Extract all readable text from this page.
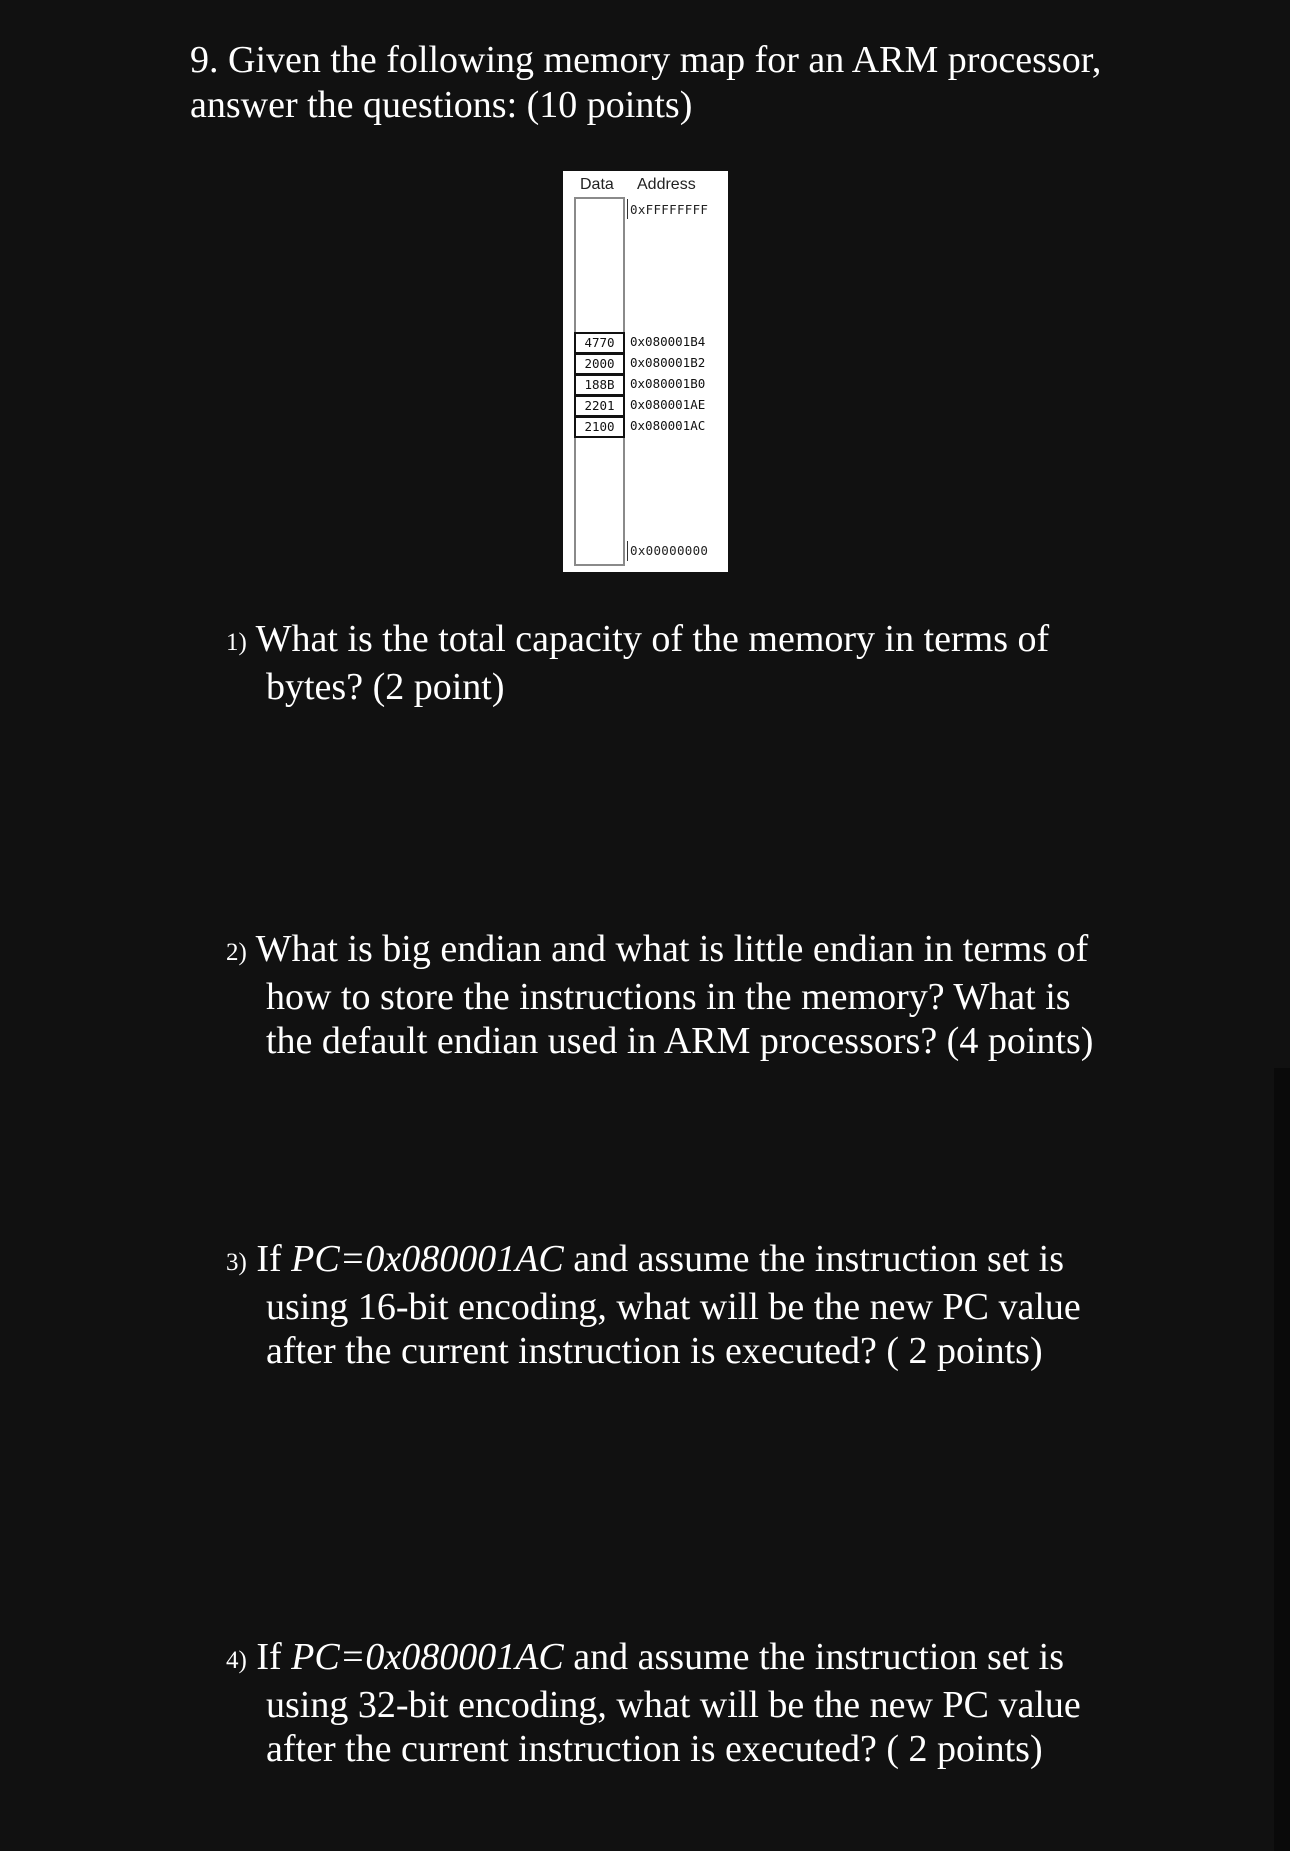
9. Given the following memory map for an ARM processor,
answer the questions: (10 points)
Data Address
0xFFFFFFFF
4770	0x080001B4
2000	0x080001B2
188B	0x080001B0
2201	0x080001AE
2100	0x080001AC
0x00000000
1) What is the total capacity of the memory in terms of
bytes? (2 point)
2) What is big endian and what is little endian in terms of
how to store the instructions in the memory? What is
the default endian used in ARM processors? (4 points)
3) If PC=0x080001AC and assume the instruction set is
using 16-bit encoding, what will be the new PC value
after the current instruction is executed? ( 2 points)
4) If PC=0x080001AC and assume the instruction set is
using 32-bit encoding, what will be the new PC value
after the current instruction is executed? ( 2 points)
